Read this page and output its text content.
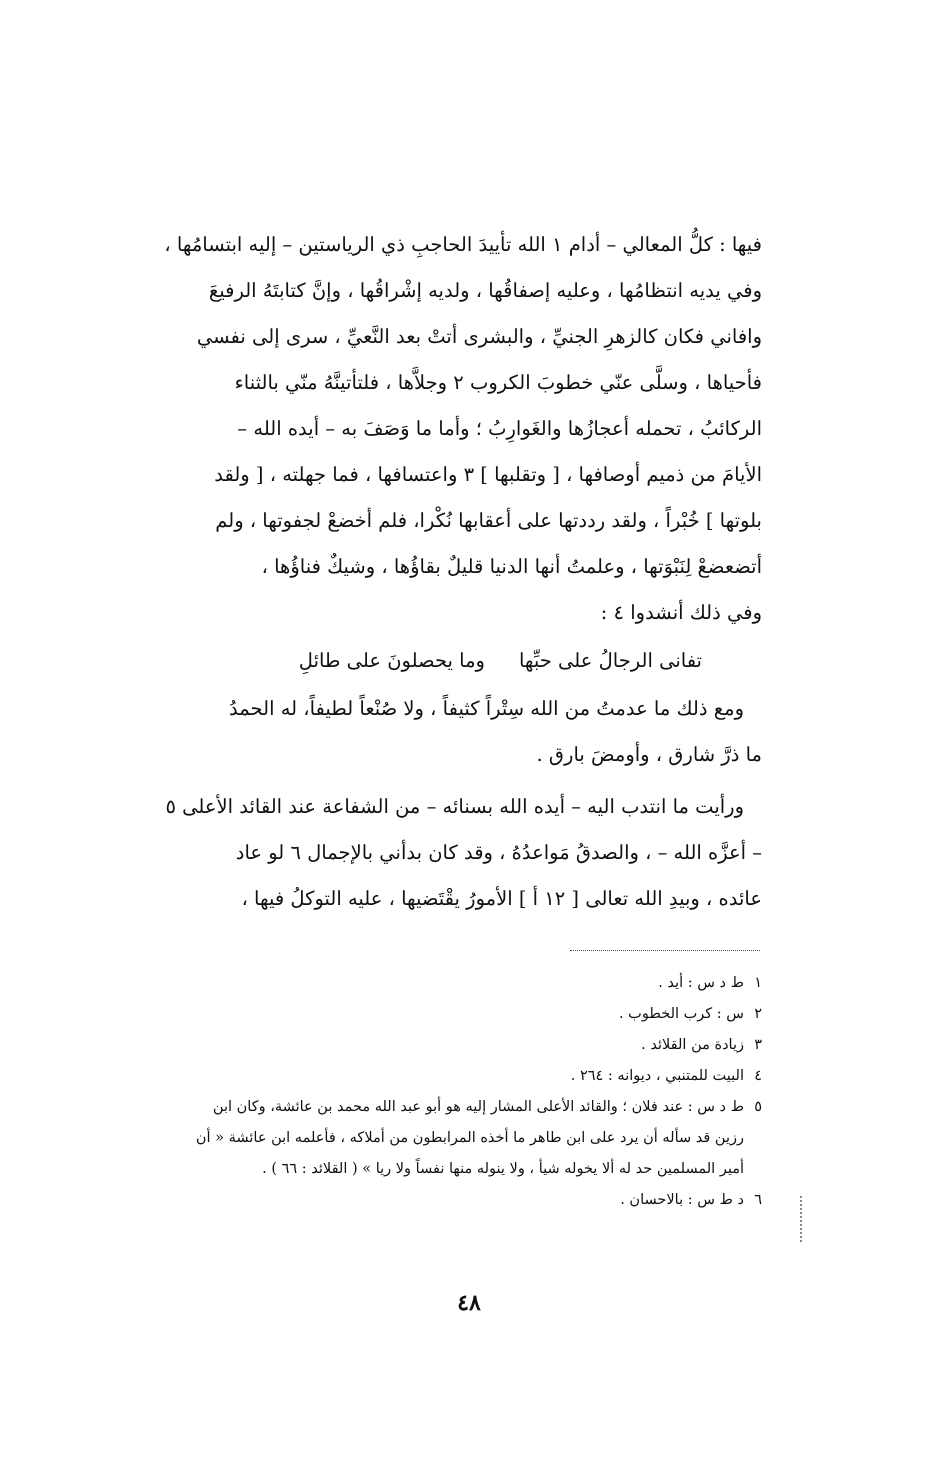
فيها : كلُّ المعالي – أدام ١ الله تأييدَ الحاجبِ ذي الرياستين – إليه ابتسامُها ،
وفي يديه انتظامُها ، وعليه إصفاقُها ، ولديه إشْراقُها ، وإنَّ كتابتَهُ الرفيعَ
وافاني فكان كالزهرِ الجنيِّ ، والبشرى أتتْ بعد النَّعيِّ ، سرى إلى نفسي
فأحياها ، وسلَّى عنّي خطوبَ الكروب ٢ وجلاَّها ، فلتأتينَّهُ منّي بالثناء
الركائبُ ، تحمله أعجازُها والغَوارِبُ ؛ وأما ما وَصَفَ به – أيده الله –
الأيامَ من ذميم أوصافها ، [ وتقلبها ] ٣ واعتسافها ، فما جهلته ، [ ولقد
بلوتها ] خُبْراً ، ولقد رددتها على أعقابها نُكْرا، فلم أخضعْ لجفوتها ، ولم
أتضعضعْ لِنَبْوَتها ، وعلمتُ أنها الدنيا قليلٌ بقاؤُها ، وشيكٌ فناؤُها ،
وفي ذلك أنشدوا ٤ :
تفانى الرجالُ على حبِّهاوما يحصلونَ على طائلِ
ومع ذلك ما عدمتُ من الله سِتْراً كثيفاً ، ولا صُنْعاً لطيفاً، له الحمدُ
ما ذرَّ شارق ، وأومضَ بارق .
ورأيت ما انتدب اليه – أيده الله بسنائه – من الشفاعة عند القائد الأعلى ٥
– أعزَّه الله – ، والصدقُ مَواعدُهُ ، وقد كان بدأني بالإجمال ٦ لو عاد
عائده ، وبيدِ الله تعالى [ ١٢ أ ] الأمورُ يقْتَضيها ، عليه التوكلُ فيها ،
١ط د س : أيد .
٢س : كرب الخطوب .
٣زيادة من القلائد .
٤البيت للمتنبي ، ديوانه : ٢٦٤ .
٥ط د س : عند فلان ؛ والقائد الأعلى المشار إليه هو أبو عبد الله محمد بن عائشة، وكان ابن
رزين قد سأله أن يرد على ابن طاهر ما أخذه المرابطون من أملاكه ، فأعلمه ابن عائشة « أن
أمير المسلمين حد له ألا يخوله شيأ ، ولا ينوله منها نفساً ولا ريا » ( القلائد : ٦٦ ) .
٦د ط س : بالاحسان .
٤٨
